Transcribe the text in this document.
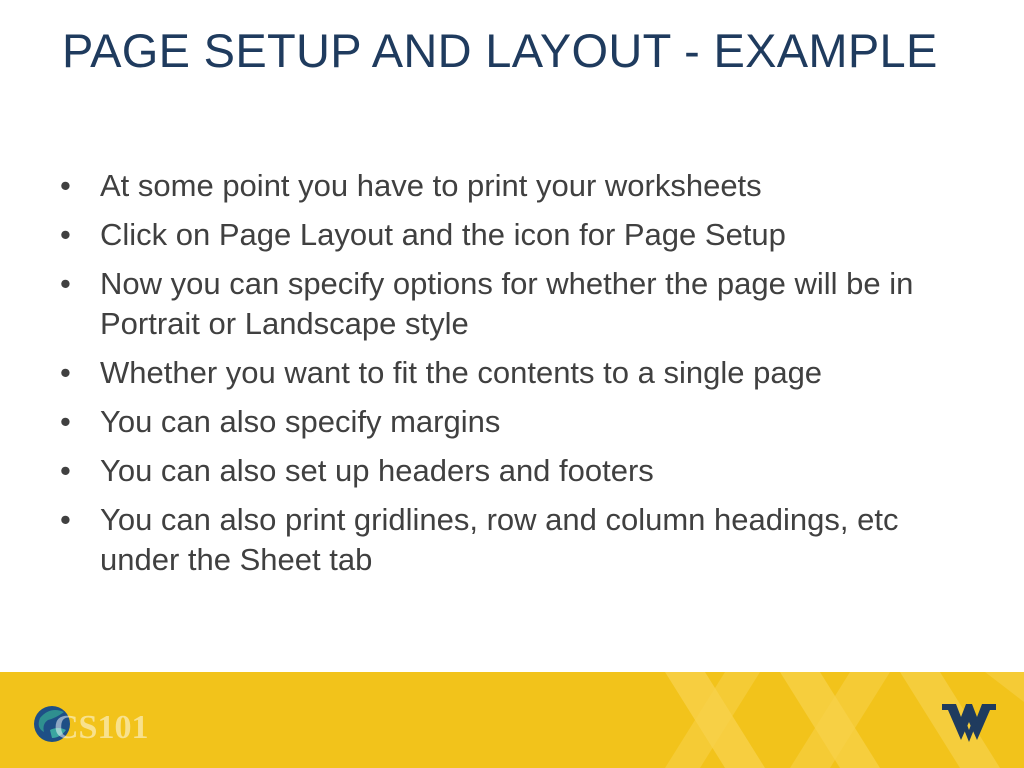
PAGE SETUP AND LAYOUT - EXAMPLE
• At some point you have to print your worksheets
• Click on Page Layout and the icon for Page Setup
• Now you can specify options for whether the page will be in Portrait or Landscape style
• Whether you want to fit the contents to a single page
• You can also specify margins
• You can also set up headers and footers
• You can also print gridlines, row and column headings, etc under the Sheet tab
CS101
